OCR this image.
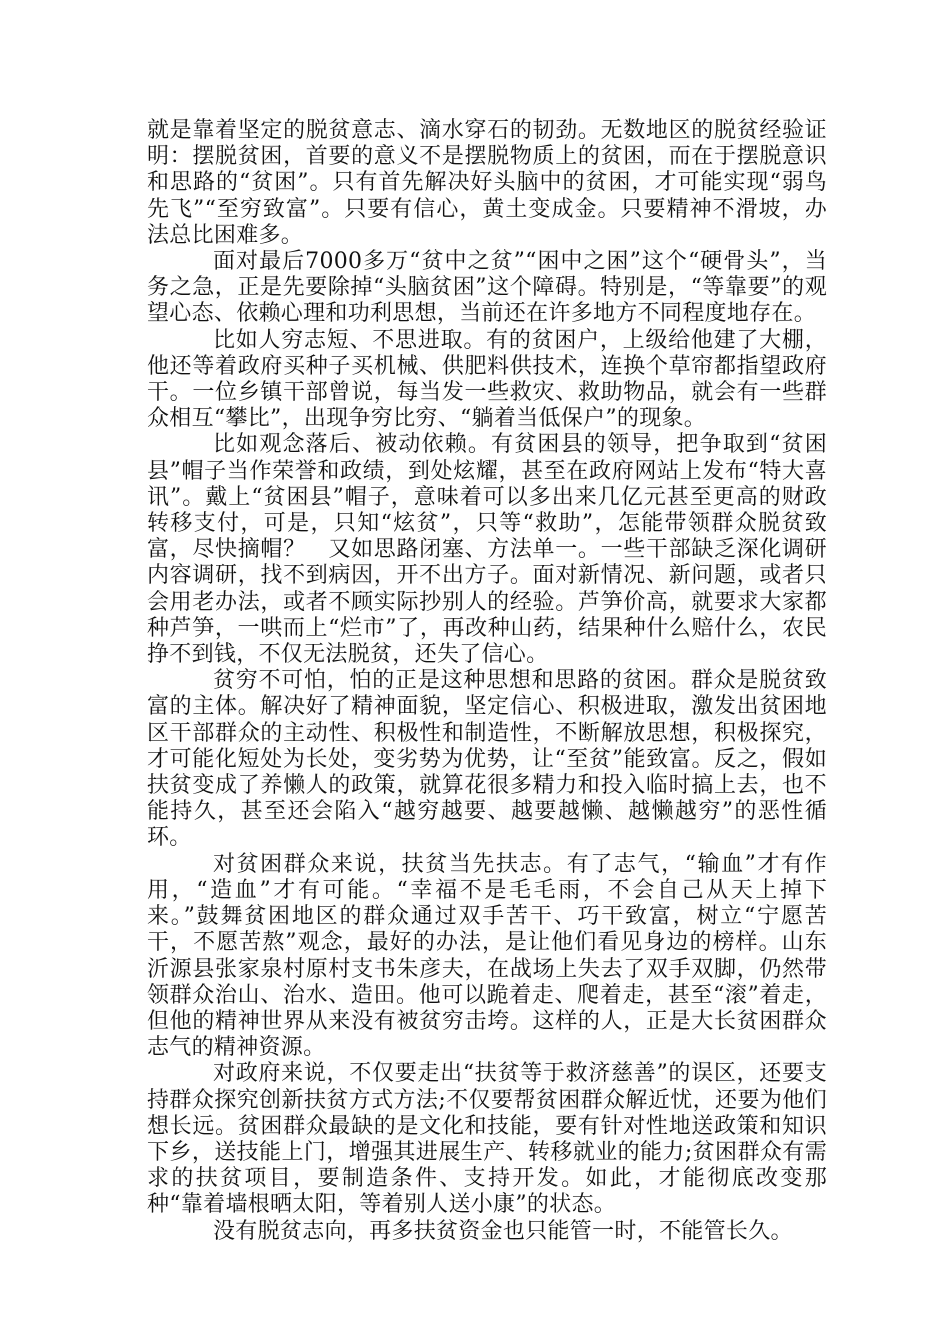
就是靠着坚定的脱贫意志、滴水穿石的韧劲。无数地区的脱贫经验证明：摆脱贫困，首要的意义不是摆脱物质上的贫困，而在于摆脱意识和思路的“贫困”。只有首先解决好头脑中的贫困，才可能实现“弱鸟先飞”“至穷致富”。只要有信心，黄土变成金。只要精神不滑坡，办法总比困难多。

面对最后7000多万“贫中之贫”“困中之困”这个“硬骨头”，当务之急，正是先要除掉“头脑贫困”这个障碍。特别是，“等靠要”的观望心态、依赖心理和功利思想，当前还在许多地方不同程度地存在。

比如人穷志短、不思进取。有的贫困户，上级给他建了大棚，他还等着政府买种子买机械、供肥料供技术，连换个草帘都指望政府干。一位乡镇干部曾说，每当发一些救灾、救助物品，就会有一些群众相互“攀比”，出现争穷比穷、“躺着当低保户”的现象。

比如观念落后、被动依赖。有贫困县的领导，把争取到“贫困县”帽子当作荣誉和政绩，到处炫耀，甚至在政府网站上发布“特大喜讯”。戴上“贫困县”帽子，意味着可以多出来几亿元甚至更高的财政转移支付，可是，只知“炫贫”，只等“救助”，怎能带领群众脱贫致富，尽快摘帽？　又如思路闭塞、方法单一。一些干部缺乏深化调研内容调研，找不到病因，开不出方子。面对新情况、新问题，或者只会用老办法，或者不顾实际抄别人的经验。芦笋价高，就要求大家都种芦笋，一哄而上“烂市”了，再改种山药，结果种什么赔什么，农民挣不到钱，不仅无法脱贫，还失了信心。

贫穷不可怕，怕的正是这种思想和思路的贫困。群众是脱贫致富的主体。解决好了精神面貌，坚定信心、积极进取，激发出贫困地区干部群众的主动性、积极性和制造性，不断解放思想，积极探究，才可能化短处为长处，变劣势为优势，让“至贫”能致富。反之，假如扶贫变成了养懒人的政策，就算花很多精力和投入临时搞上去，也不能持久，甚至还会陷入“越穷越要、越要越懒、越懒越穷”的恶性循环。

对贫困群众来说，扶贫当先扶志。有了志气，“输血”才有作用，“造血”才有可能。“幸福不是毛毛雨，不会自己从天上掉下来。”鼓舞贫困地区的群众通过双手苦干、巧干致富，树立“宁愿苦干，不愿苦熬”观念，最好的办法，是让他们看见身边的榜样。山东沂源县张家泉村原村支书朱彦夫，在战场上失去了双手双脚，仍然带领群众治山、治水、造田。他可以跪着走、爬着走，甚至“滚”着走，但他的精神世界从来没有被贫穷击垮。这样的人，正是大长贫困群众志气的精神资源。

对政府来说，不仅要走出“扶贫等于救济慈善”的误区，还要支持群众探究创新扶贫方式方法;不仅要帮贫困群众解近忧，还要为他们想长远。贫困群众最缺的是文化和技能，要有针对性地送政策和知识下乡，送技能上门，增强其进展生产、转移就业的能力;贫困群众有需求的扶贫项目，要制造条件、支持开发。如此，才能彻底改变那种“靠着墙根晒太阳，等着别人送小康”的状态。

没有脱贫志向，再多扶贫资金也只能管一时，不能管长久。
